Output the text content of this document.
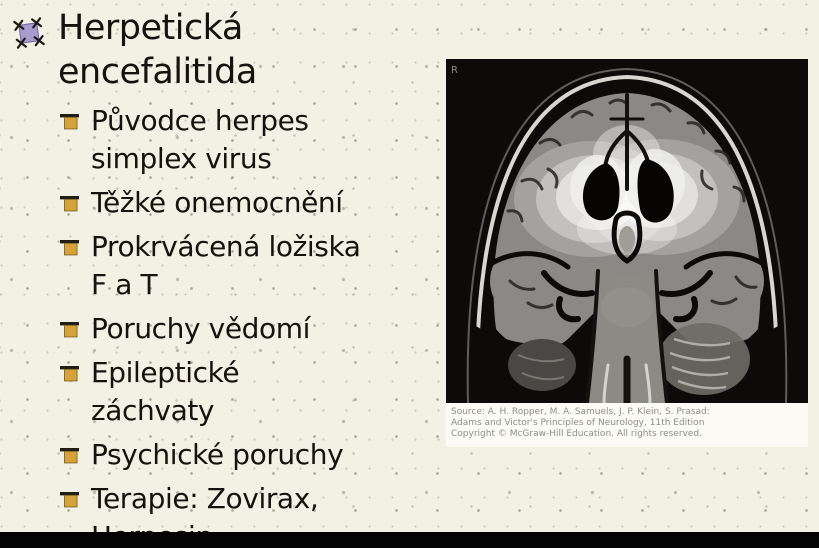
Herpetická
encefalitida
Původce herpes
simplex virus
Těžké onemocnění
Prokrvácená ložiska
F a T
Poruchy vědomí
Epileptické
záchvaty
Psychické poruchy
Terapie: Zovirax,
R
Source: A. H. Ropper, M. A. Samuels, J. P. Klein, S. Prasad:
Adams and Victor's Principles of Neurology, 11th Edition
Copyright © McGraw-Hill Education. All rights reserved.
